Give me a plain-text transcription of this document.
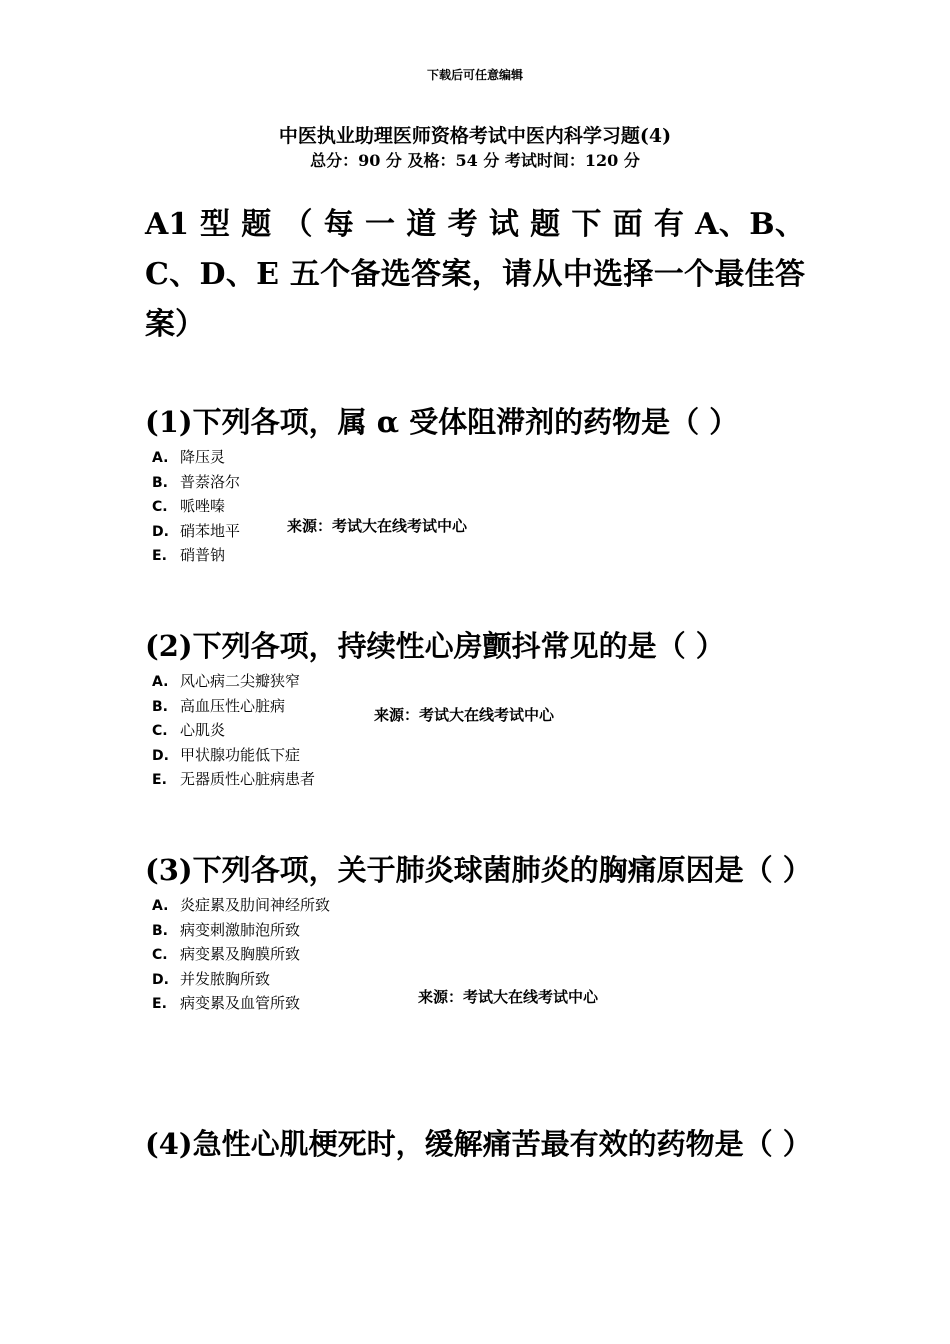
下载后可任意编辑
中医执业助理医师资格考试中医内科学习题(4)
总分：90 分 及格：54 分 考试时间：120 分
A1 型 题 （ 每 一 道 考 试 题 下 面 有 A、B、C、D、E 五个备选答案，请从中选择一个最佳答案）

(1)下列各项，属 α 受体阻滞剂的药物是（ ）

A. 降压灵
B. 普萘洛尔
C. 哌唑嗪
D. 硝苯地平
E. 硝普钠
来源：考试大在线考试中心

(2)下列各项，持续性心房颤抖常见的是（ ）

A. 风心病二尖瓣狭窄
B. 高血压性心脏病
C. 心肌炎
D. 甲状腺功能低下症
E. 无器质性心脏病患者
来源：考试大在线考试中心

(3)下列各项，关于肺炎球菌肺炎的胸痛原因是（ ）

A. 炎症累及肋间神经所致
B. 病变刺激肺泡所致
C. 病变累及胸膜所致
D. 并发脓胸所致
E. 病变累及血管所致	来源：考试大在线考试中心

(4)急性心肌梗死时，缓解痛苦最有效的药物是（ ）
